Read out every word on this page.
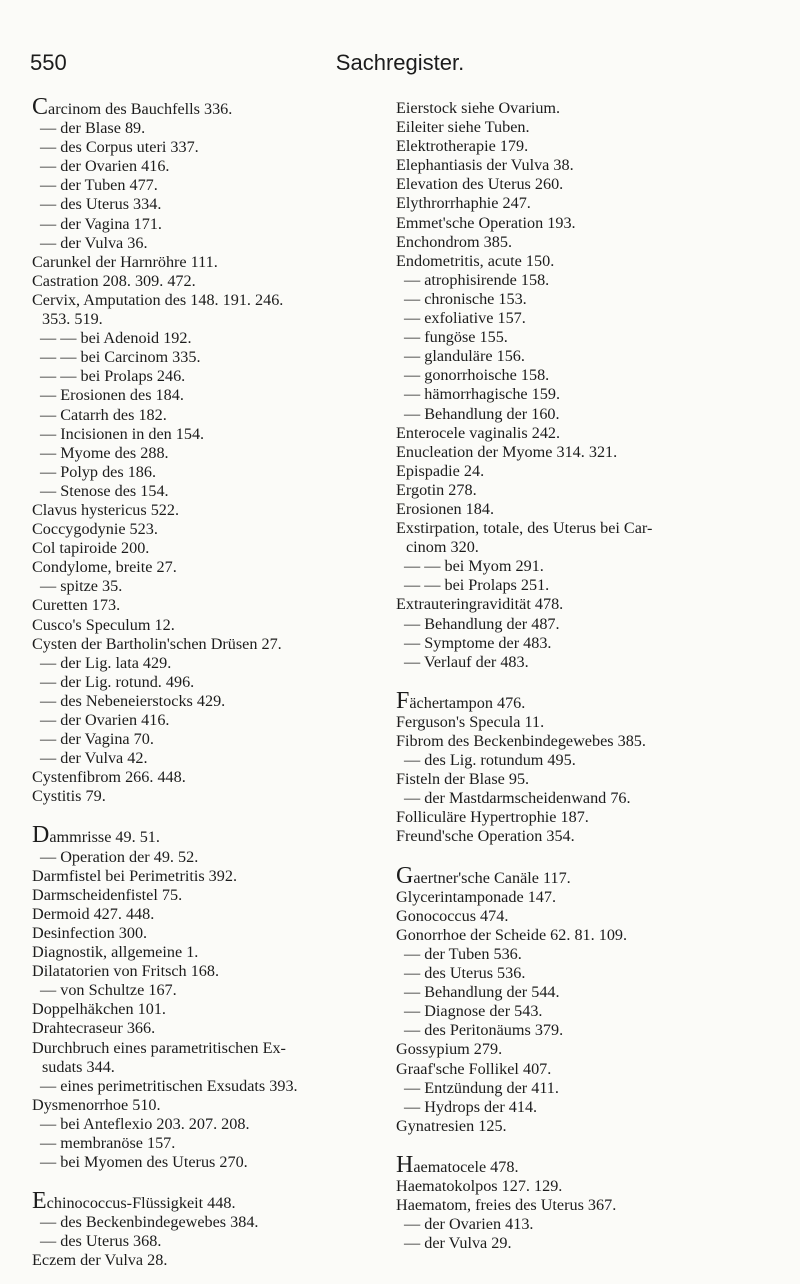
550	Sachregister.
Carcinom des Bauchfells 336.
— der Blase 89.
— des Corpus uteri 337.
— der Ovarien 416.
— der Tuben 477.
— des Uterus 334.
— der Vagina 171.
— der Vulva 36.
Carunkel der Harnröhre 111.
Castration 208. 309. 472.
Cervix, Amputation des 148. 191. 246.
353. 519.
— — bei Adenoid 192.
— — bei Carcinom 335.
— — bei Prolaps 246.
— Erosionen des 184.
— Catarrh des 182.
— Incisionen in den 154.
— Myome des 288.
— Polyp des 186.
— Stenose des 154.
Clavus hystericus 522.
Coccygodynie 523.
Col tapiroide 200.
Condylome, breite 27.
— spitze 35.
Curetten 173.
Cusco's Speculum 12.
Cysten der Bartholin'schen Drüsen 27.
— der Lig. lata 429.
— der Lig. rotund. 496.
— des Nebeneierstocks 429.
— der Ovarien 416.
— der Vagina 70.
— der Vulva 42.
Cystenfibrom 266. 448.
Cystitis 79.
Dammrisse 49. 51.
— Operation der 49. 52.
Darmfistel bei Perimetritis 392.
Darmscheidenfistel 75.
Dermoid 427. 448.
Desinfection 300.
Diagnostik, allgemeine 1.
Dilatatorien von Fritsch 168.
— von Schultze 167.
Doppelhäkchen 101.
Drahtecraseur 366.
Durchbruch eines parametritischen Ex-
sudats 344.
— eines perimetritischen Exsudats 393.
Dysmenorrhoe 510.
— bei Anteflexio 203. 207. 208.
— membranöse 157.
— bei Myomen des Uterus 270.
Echinococcus-Flüssigkeit 448.
— des Beckenbindegewebes 384.
— des Uterus 368.
Eczem der Vulva 28.
Eierstock siehe Ovarium.
Eileiter siehe Tuben.
Elektrotherapie 179.
Elephantiasis der Vulva 38.
Elevation des Uterus 260.
Elythrorrhaphie 247.
Emmet'sche Operation 193.
Enchondrom 385.
Endometritis, acute 150.
— atrophisirende 158.
— chronische 153.
— exfoliative 157.
— fungöse 155.
— glanduläre 156.
— gonorrhoische 158.
— hämorrhagische 159.
— Behandlung der 160.
Enterocele vaginalis 242.
Enucleation der Myome 314. 321.
Epispadie 24.
Ergotin 278.
Erosionen 184.
Exstirpation, totale, des Uterus bei Car-
cinom 320.
— — bei Myom 291.
— — bei Prolaps 251.
Extrauteringravidität 478.
— Behandlung der 487.
— Symptome der 483.
— Verlauf der 483.
Fächertampon 476.
Ferguson's Specula 11.
Fibrom des Beckenbindegewebes 385.
— des Lig. rotundum 495.
Fisteln der Blase 95.
— der Mastdarmscheidenwand 76.
Folliculäre Hypertrophie 187.
Freund'sche Operation 354.
Gaertner'sche Canäle 117.
Glycerintamponade 147.
Gonococcus 474.
Gonorrhoe der Scheide 62. 81. 109.
— der Tuben 536.
— des Uterus 536.
— Behandlung der 544.
— Diagnose der 543.
— des Peritonäums 379.
Gossypium 279.
Graaf'sche Follikel 407.
— Entzündung der 411.
— Hydrops der 414.
Gynatresien 125.
Haematocele 478.
Haematokolpos 127. 129.
Haematom, freies des Uterus 367.
— der Ovarien 413.
— der Vulva 29.
